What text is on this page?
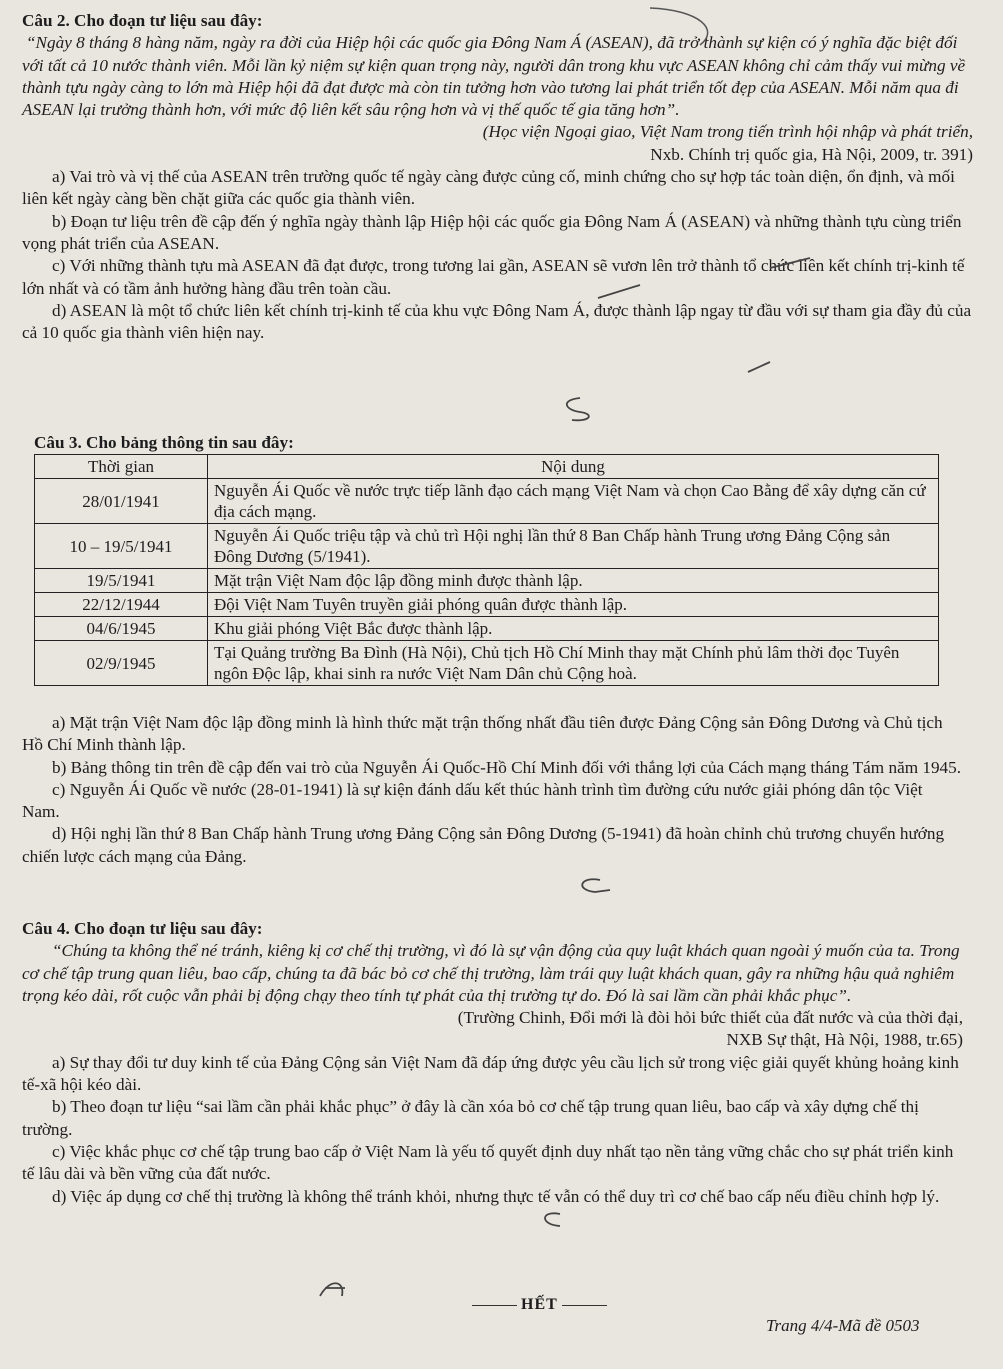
Câu 2. Cho đoạn tư liệu sau đây:

“Ngày 8 tháng 8 hàng năm, ngày ra đời của Hiệp hội các quốc gia Đông Nam Á (ASEAN), đã trở thành sự kiện có ý nghĩa đặc biệt đối với tất cả 10 nước thành viên. Mỗi lần kỷ niệm sự kiện quan trọng này, người dân trong khu vực ASEAN không chỉ cảm thấy vui mừng về thành tựu ngày càng to lớn mà Hiệp hội đã đạt được mà còn tin tưởng hơn vào tương lai phát triển tốt đẹp của ASEAN. Mỗi năm qua đi ASEAN lại trưởng thành hơn, với mức độ liên kết sâu rộng hơn và vị thế quốc tế gia tăng hơn”.

(Học viện Ngoại giao, Việt Nam trong tiến trình hội nhập và phát triển,

Nxb. Chính trị quốc gia, Hà Nội, 2009, tr. 391)

a) Vai trò và vị thế của ASEAN trên trường quốc tế ngày càng được củng cố, minh chứng cho sự hợp tác toàn diện, ổn định, và mối liên kết ngày càng bền chặt giữa các quốc gia thành viên.

b) Đoạn tư liệu trên đề cập đến ý nghĩa ngày thành lập Hiệp hội các quốc gia Đông Nam Á (ASEAN) và những thành tựu cùng triển vọng phát triển của ASEAN.

c) Với những thành tựu mà ASEAN đã đạt được, trong tương lai gần, ASEAN sẽ vươn lên trở thành tổ chức liên kết chính trị-kinh tế lớn nhất và có tầm ảnh hưởng hàng đầu trên toàn cầu.

d) ASEAN là một tổ chức liên kết chính trị-kinh tế của khu vực Đông Nam Á, được thành lập ngay từ đầu với sự tham gia đầy đủ của cả 10 quốc gia thành viên hiện nay.

Câu 3. Cho bảng thông tin sau đây:

Thời gian	Nội dung
28/01/1941	Nguyễn Ái Quốc về nước trực tiếp lãnh đạo cách mạng Việt Nam và chọn Cao Bằng để xây dựng căn cứ địa cách mạng.
10 – 19/5/1941	Nguyễn Ái Quốc triệu tập và chủ trì Hội nghị lần thứ 8 Ban Chấp hành Trung ương Đảng Cộng sản Đông Dương (5/1941).
19/5/1941	Mặt trận Việt Nam độc lập đồng minh được thành lập.
22/12/1944	Đội Việt Nam Tuyên truyền giải phóng quân được thành lập.
04/6/1945	Khu giải phóng Việt Bắc được thành lập.
02/9/1945	Tại Quảng trường Ba Đình (Hà Nội), Chủ tịch Hồ Chí Minh thay mặt Chính phủ lâm thời đọc Tuyên ngôn Độc lập, khai sinh ra nước Việt Nam Dân chủ Cộng hoà.

a) Mặt trận Việt Nam độc lập đồng minh là hình thức mặt trận thống nhất đầu tiên được Đảng Cộng sản Đông Dương và Chủ tịch Hồ Chí Minh thành lập.

b) Bảng thông tin trên đề cập đến vai trò của Nguyễn Ái Quốc-Hồ Chí Minh đối với thắng lợi của Cách mạng tháng Tám năm 1945.

c) Nguyễn Ái Quốc về nước (28-01-1941) là sự kiện đánh dấu kết thúc hành trình tìm đường cứu nước giải phóng dân tộc Việt Nam.

d) Hội nghị lần thứ 8 Ban Chấp hành Trung ương Đảng Cộng sản Đông Dương (5-1941) đã hoàn chỉnh chủ trương chuyển hướng chiến lược cách mạng của Đảng.

Câu 4. Cho đoạn tư liệu sau đây:

“Chúng ta không thể né tránh, kiêng kị cơ chế thị trường, vì đó là sự vận động của quy luật khách quan ngoài ý muốn của ta. Trong cơ chế tập trung quan liêu, bao cấp, chúng ta đã bác bỏ cơ chế thị trường, làm trái quy luật khách quan, gây ra những hậu quả nghiêm trọng kéo dài, rốt cuộc vẫn phải bị động chạy theo tính tự phát của thị trường tự do. Đó là sai lầm cần phải khắc phục”.

(Trường Chinh, Đổi mới là đòi hỏi bức thiết của đất nước và của thời đại,

NXB Sự thật, Hà Nội, 1988, tr.65)

a) Sự thay đổi tư duy kinh tế của Đảng Cộng sản Việt Nam đã đáp ứng được yêu cầu lịch sử trong việc giải quyết khủng hoảng kinh tế-xã hội kéo dài.

b) Theo đoạn tư liệu “sai lầm cần phải khắc phục” ở đây là cần xóa bỏ cơ chế tập trung quan liêu, bao cấp và xây dựng chế thị trường.

c) Việc khắc phục cơ chế tập trung bao cấp ở Việt Nam là yếu tố quyết định duy nhất tạo nền tảng vững chắc cho sự phát triển kinh tế lâu dài và bền vững của đất nước.

d) Việc áp dụng cơ chế thị trường là không thể tránh khỏi, nhưng thực tế vẫn có thể duy trì cơ chế bao cấp nếu điều chỉnh hợp lý.

HẾT
Trang 4/4-Mã đề 0503
